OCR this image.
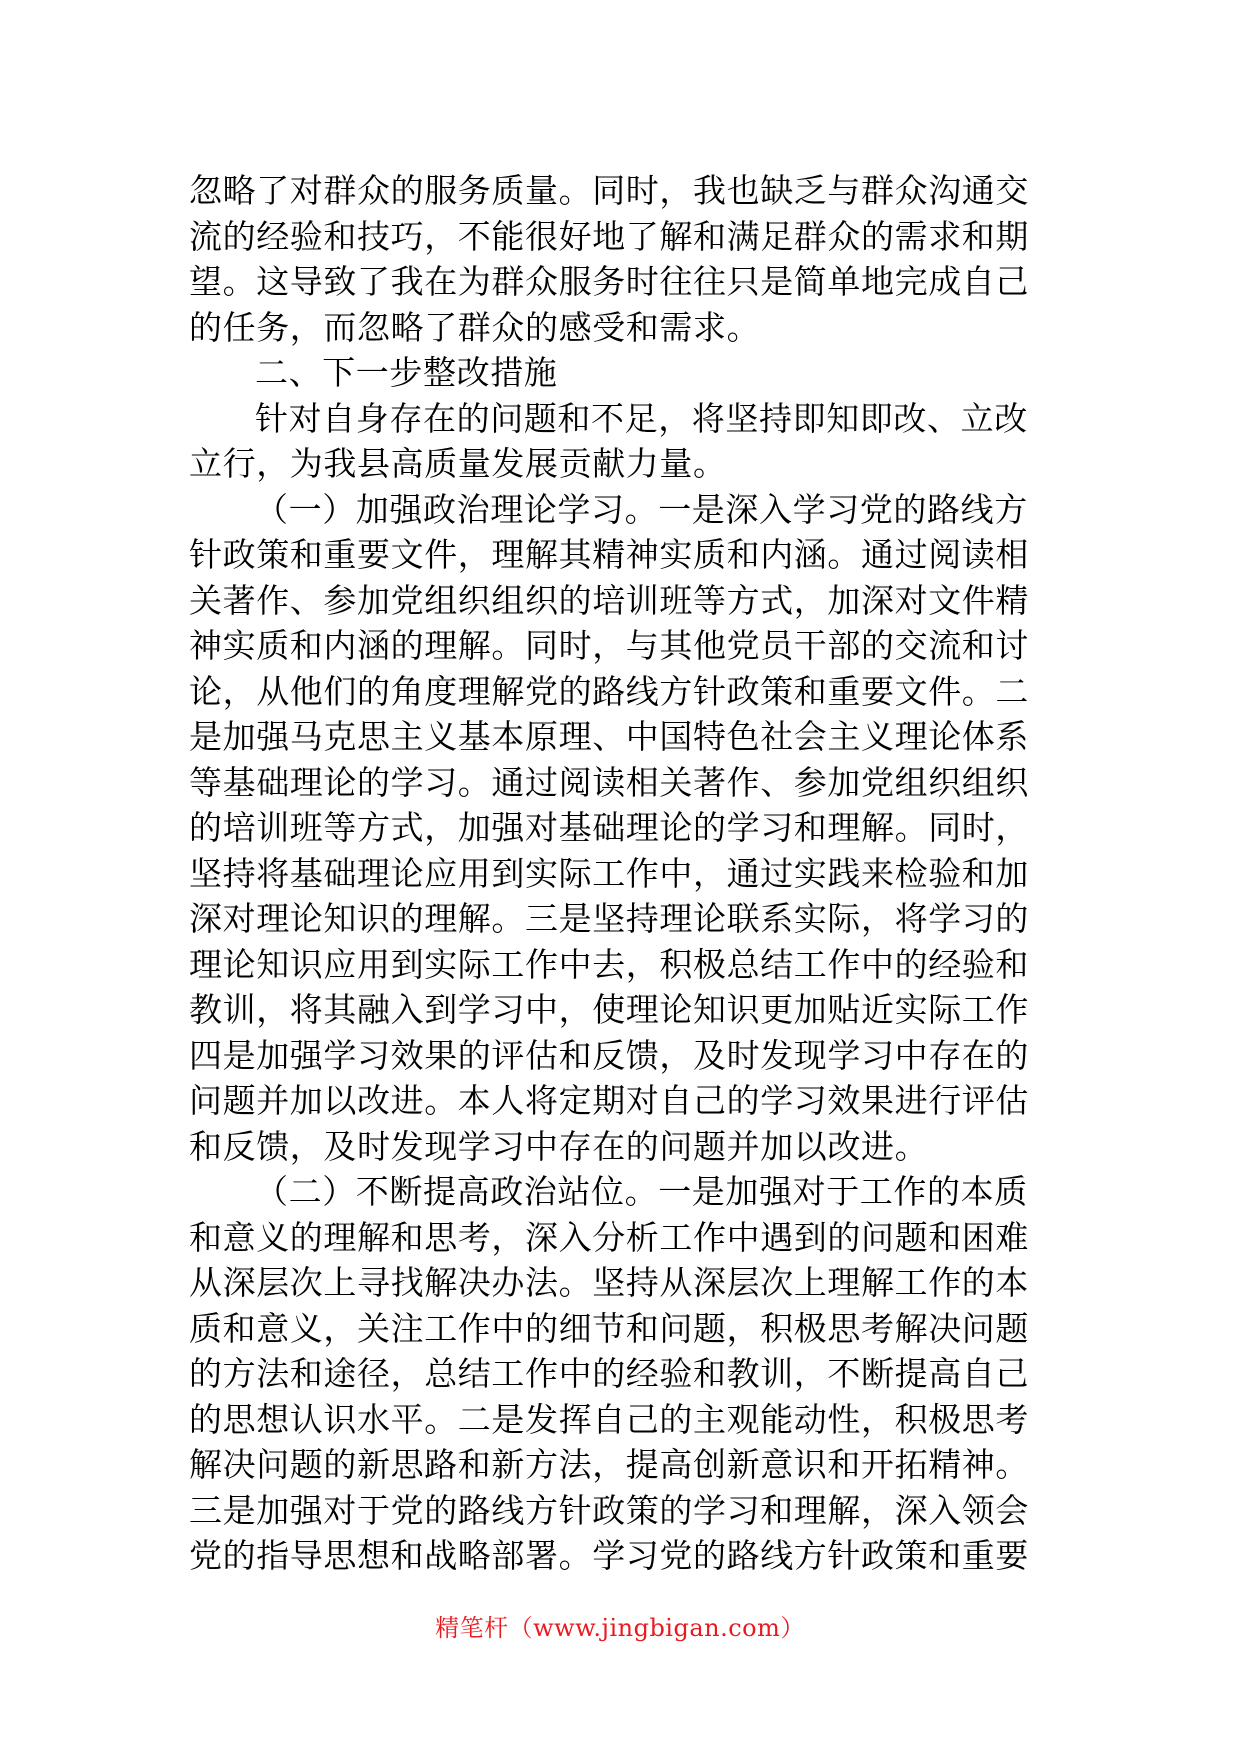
忽略了对群众的服务质量。同时，我也缺乏与群众沟通交
流的经验和技巧，不能很好地了解和满足群众的需求和期
望。这导致了我在为群众服务时往往只是简单地完成自己
的任务，而忽略了群众的感受和需求。
二、下一步整改措施
针对自身存在的问题和不足，将坚持即知即改、立改
立行，为我县高质量发展贡献力量。
（一）加强政治理论学习。一是深入学习党的路线方
针政策和重要文件，理解其精神实质和内涵。通过阅读相
关著作、参加党组织组织的培训班等方式，加深对文件精
神实质和内涵的理解。同时，与其他党员干部的交流和讨
论，从他们的角度理解党的路线方针政策和重要文件。二
是加强马克思主义基本原理、中国特色社会主义理论体系
等基础理论的学习。通过阅读相关著作、参加党组织组织
的培训班等方式，加强对基础理论的学习和理解。同时，
坚持将基础理论应用到实际工作中，通过实践来检验和加
深对理论知识的理解。三是坚持理论联系实际，将学习的
理论知识应用到实际工作中去，积极总结工作中的经验和
教训，将其融入到学习中，使理论知识更加贴近实际工作
四是加强学习效果的评估和反馈，及时发现学习中存在的
问题并加以改进。本人将定期对自己的学习效果进行评估
和反馈，及时发现学习中存在的问题并加以改进。
（二）不断提高政治站位。一是加强对于工作的本质
和意义的理解和思考，深入分析工作中遇到的问题和困难
从深层次上寻找解决办法。坚持从深层次上理解工作的本
质和意义，关注工作中的细节和问题，积极思考解决问题
的方法和途径，总结工作中的经验和教训，不断提高自己
的思想认识水平。二是发挥自己的主观能动性，积极思考
解决问题的新思路和新方法，提高创新意识和开拓精神。
三是加强对于党的路线方针政策的学习和理解，深入领会
党的指导思想和战略部署。学习党的路线方针政策和重要
精笔杆（www.jingbigan.com）
